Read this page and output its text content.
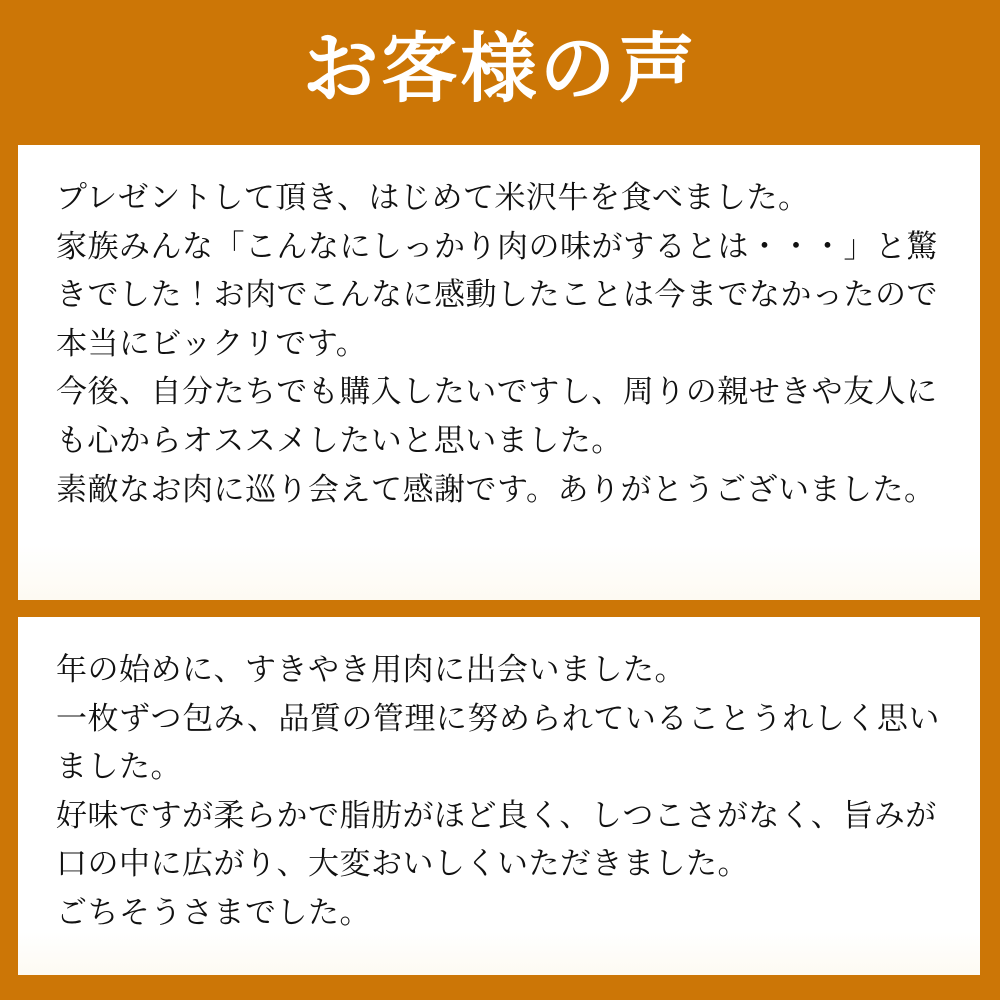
お客様の声

プレゼントして頂き、はじめて米沢牛を食べました。

家族みんな「こんなにしっかり肉の味がするとは・・・」と驚きでした！お肉でこんなに感動したことは今までなかったので本当にビックリです。

今後、自分たちでも購入したいですし、周りの親せきや友人にも心からオススメしたいと思いました。

素敵なお肉に巡り会えて感謝です。ありがとうございました。

年の始めに、すきやき用肉に出会いました。

一枚ずつ包み、品質の管理に努められていることうれしく思いました。

好味ですが柔らかで脂肪がほど良く、しつこさがなく、旨みが口の中に広がり、大変おいしくいただきました。

ごちそうさまでした。
